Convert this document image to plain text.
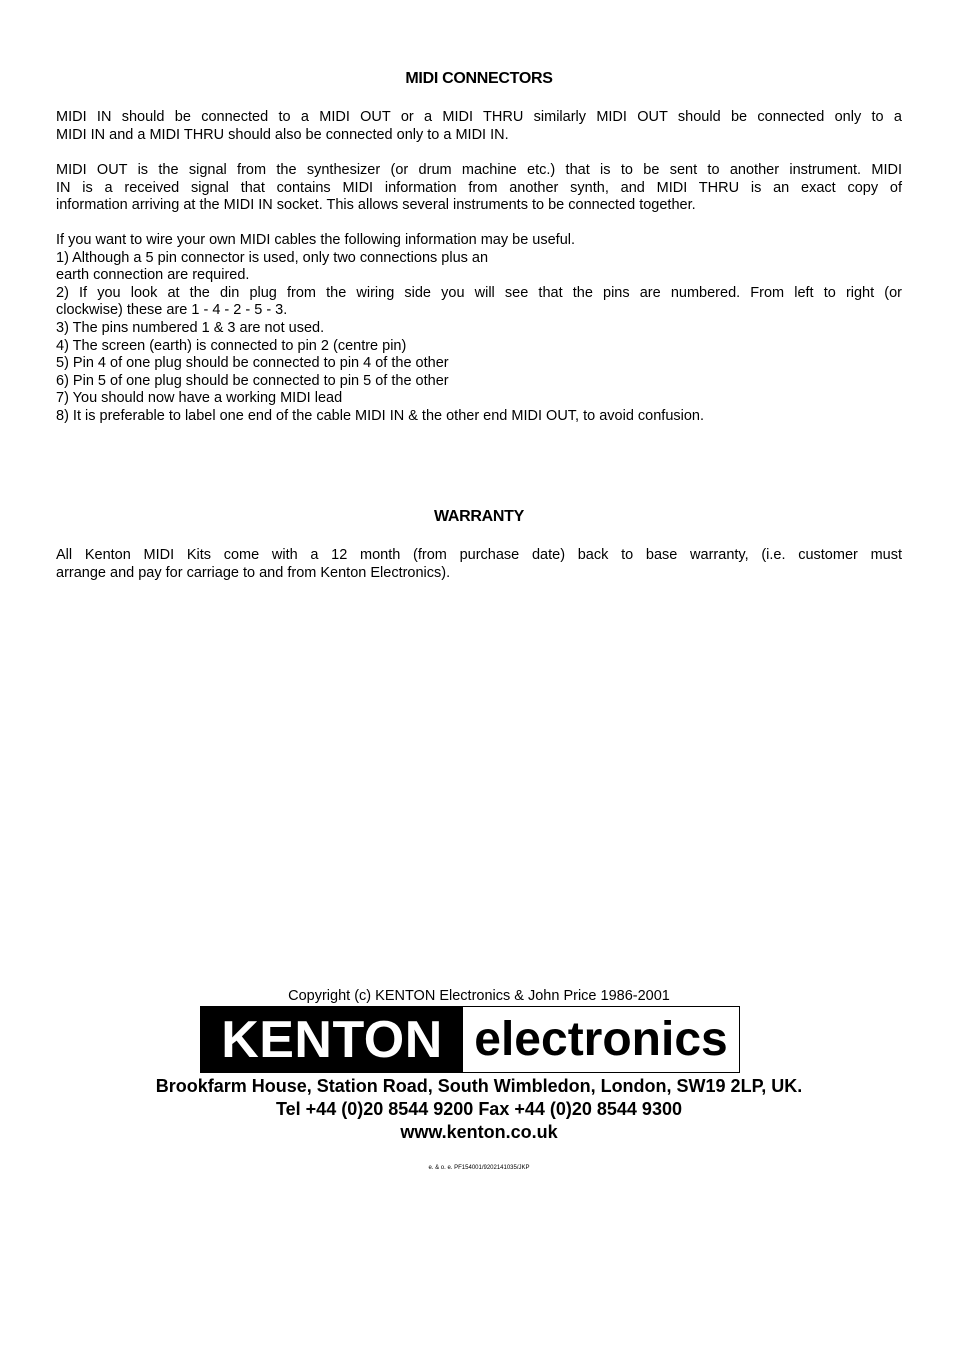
MIDI CONNECTORS
MIDI IN should be connected to a MIDI OUT or a MIDI THRU similarly MIDI OUT should be connected only to a
MIDI IN and a MIDI THRU should also be connected only to a MIDI IN.
MIDI OUT is the signal from the synthesizer (or drum machine etc.) that is to be sent to another instrument. MIDI
IN is a received signal that contains MIDI information from another synth, and MIDI THRU is an exact copy of
information arriving at the MIDI IN socket. This allows several instruments to be connected together.
If you want to wire your own MIDI cables the following information may be useful.
1) Although a 5 pin connector is used, only two connections plus an
earth connection are required.
2) If you look at the din plug from the wiring side you will see that the pins are numbered. From left to right (or
clockwise) these are 1 - 4 - 2 - 5 - 3.
3) The pins numbered 1 & 3 are not used.
4) The screen (earth) is connected to pin 2 (centre pin)
5) Pin 4 of one plug should be connected to pin 4 of the other
6) Pin 5 of one plug should be connected to pin 5 of the other
7) You should now have a working MIDI lead
8) It is preferable to label one end of the cable MIDI IN & the other end MIDI OUT, to avoid confusion.
WARRANTY
All Kenton MIDI Kits come with a 12 month (from purchase date) back to base warranty, (i.e. customer must
arrange and pay for carriage to and from Kenton Electronics).
Copyright (c) KENTON Electronics & John Price 1986-2001
KENTON electronics
Brookfarm House, Station Road, South Wimbledon, London, SW19 2LP, UK.
Tel +44 (0)20 8544 9200 Fax +44 (0)20 8544 9300
www.kenton.co.uk
e. & o. e. PF154001/9202141035/JKP
